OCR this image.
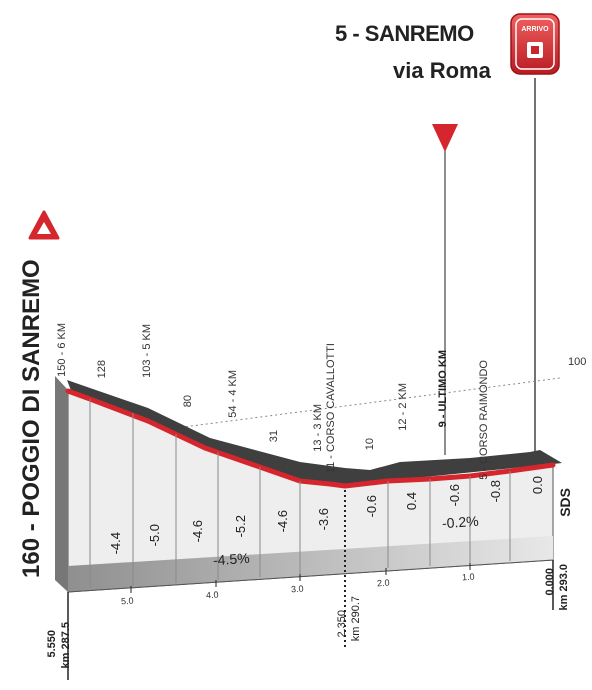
5 - SANREMO
via Roma
ARRIVO
160 - POGGIO DI SANREMO	100
150 - 6 KM	128	103 - 5 KM
80	54 - 4 KM
31	13 - 3 KM 11 - CORSO CAVALLOTTI 10
12 - 2 KM	9 - ULTIMO KM	5 - CORSO RAIMONDO
SDS
-4.4 -5.0 -4.6 -5.2 -4.6 -3.6
-0.6 0.4 -0.6 -0.8 0.0
-4.5%
-0.2%
5.0
4.0
3.0
2.0
1.0
5.550 km 287.5	2.350 km 290.7
0.000 km 293.0
